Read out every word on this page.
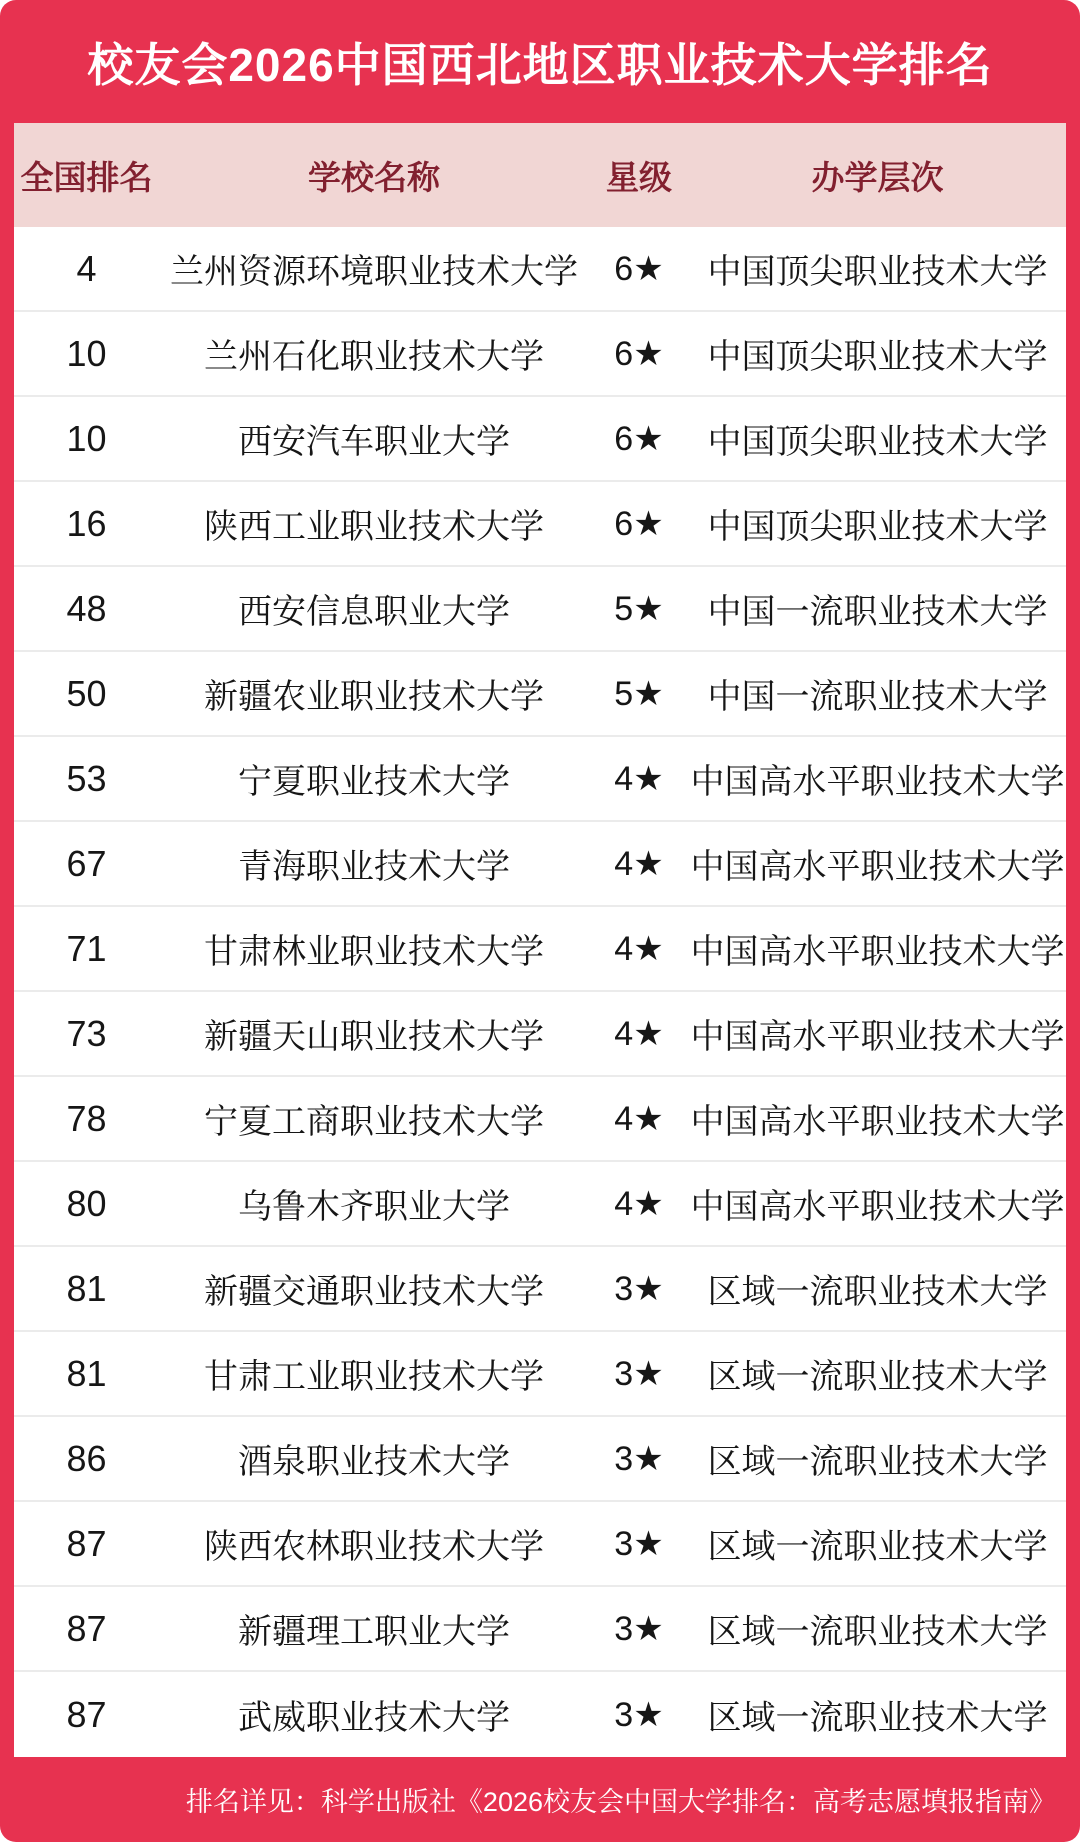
校友会2026中国西北地区职业技术大学排名
全国排名	学校名称	星级	办学层次
4	兰州资源环境职业技术大学	6★	中国顶尖职业技术大学
10	兰州石化职业技术大学	6★	中国顶尖职业技术大学
10	西安汽车职业大学	6★	中国顶尖职业技术大学
16	陕西工业职业技术大学	6★	中国顶尖职业技术大学
48	西安信息职业大学	5★	中国一流职业技术大学
50	新疆农业职业技术大学	5★	中国一流职业技术大学
53	宁夏职业技术大学	4★ 中国高水平职业技术大学
67	青海职业技术大学	4★ 中国高水平职业技术大学
71	甘肃林业职业技术大学	4★ 中国高水平职业技术大学
73	新疆天山职业技术大学	4★ 中国高水平职业技术大学
78	宁夏工商职业技术大学	4★ 中国高水平职业技术大学
80	乌鲁木齐职业大学	4★ 中国高水平职业技术大学
81	新疆交通职业技术大学	3★	区域一流职业技术大学
81	甘肃工业职业技术大学	3★	区域一流职业技术大学
86	酒泉职业技术大学	3★	区域一流职业技术大学
87	陕西农林职业技术大学	3★	区域一流职业技术大学
87	新疆理工职业大学	3★	区域一流职业技术大学
87	武威职业技术大学	3★	区域一流职业技术大学
排名详见：科学出版社《2026校友会中国大学排名：高考志愿填报指南》
